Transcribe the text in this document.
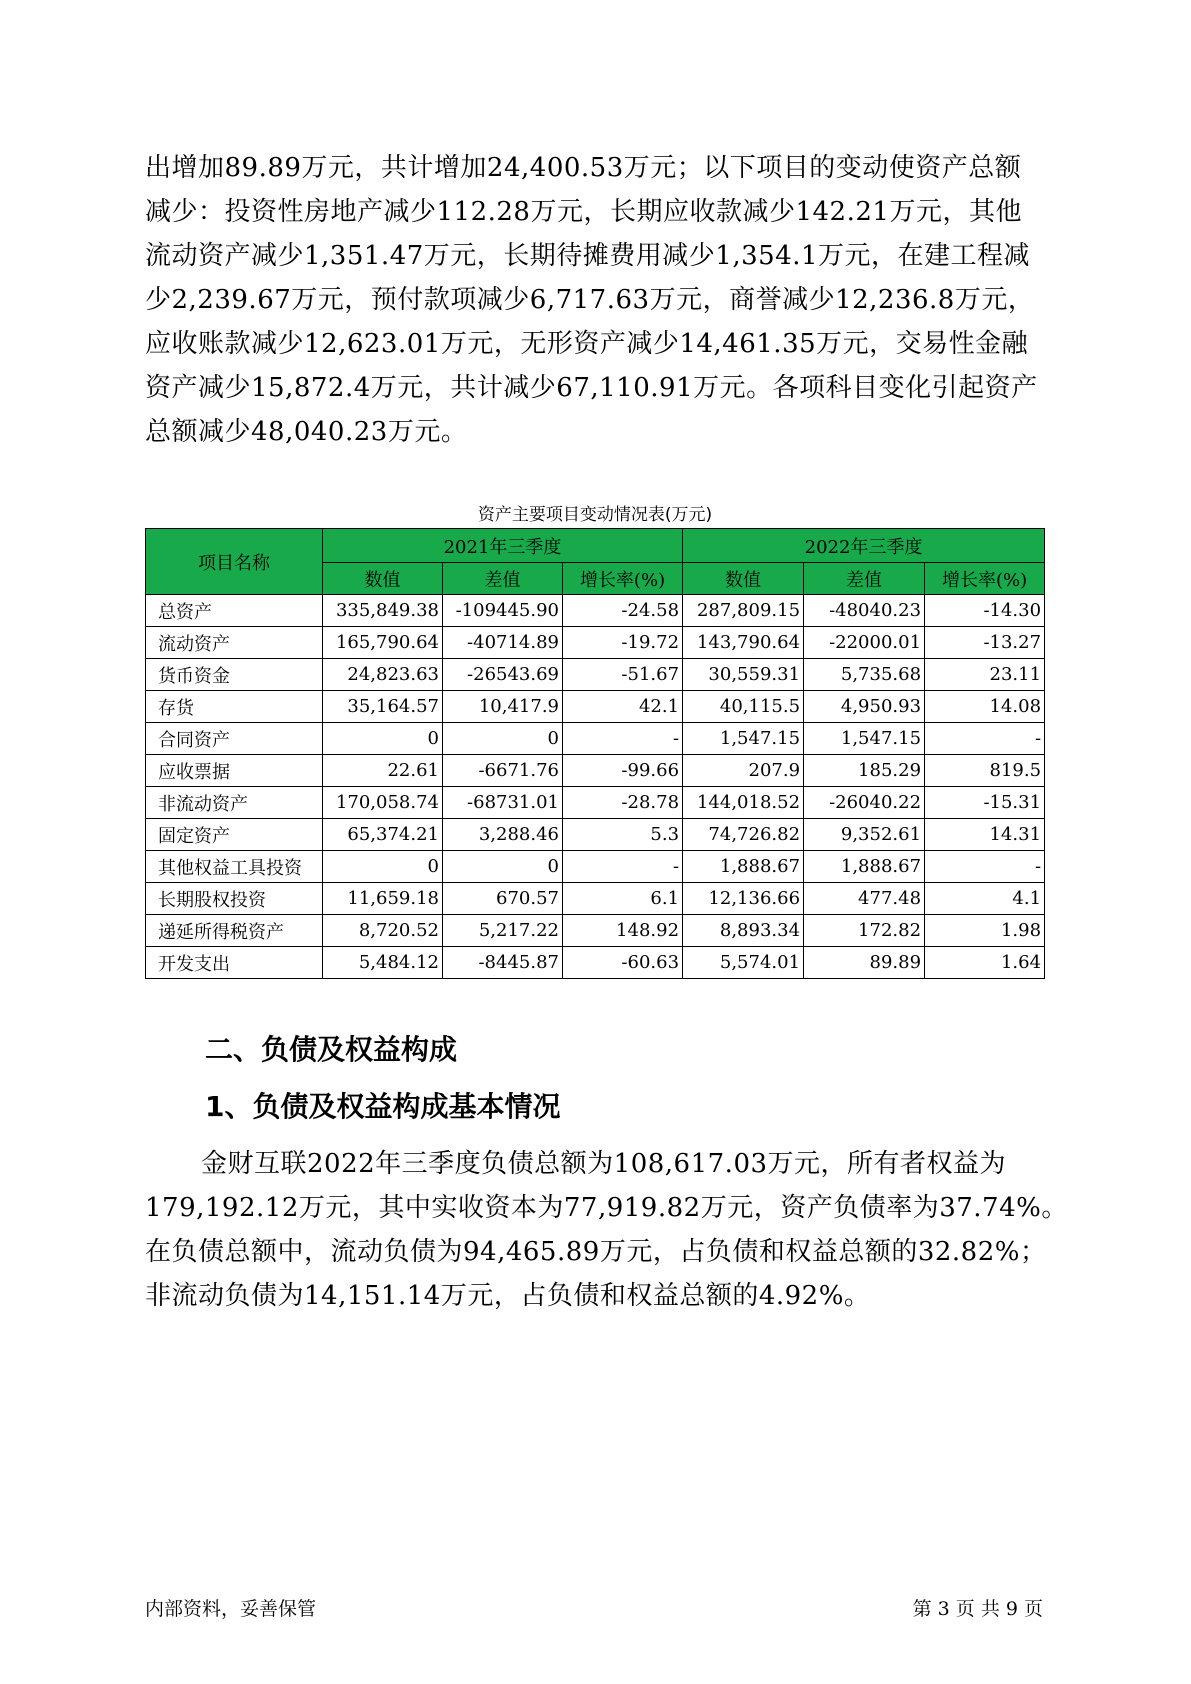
出增加89.89万元，共计增加24,400.53万元；以下项目的变动使资产总额
减少：投资性房地产减少112.28万元，长期应收款减少142.21万元，其他
流动资产减少1,351.47万元，长期待摊费用减少1,354.1万元，在建工程减
少2,239.67万元，预付款项减少6,717.63万元，商誉减少12,236.8万元，
应收账款减少12,623.01万元，无形资产减少14,461.35万元，交易性金融
资产减少15,872.4万元，共计减少67,110.91万元。各项科目变化引起资产
总额减少48,040.23万元。
资产主要项目变动情况表(万元)
项目名称	2021年三季度			2022年三季度		
	数值	差值	增长率(%)	数值	差值	增长率(%)
总资产	335,849.38	-109445.90	-24.58	287,809.15	-48040.23	-14.30
流动资产	165,790.64	-40714.89	-19.72	143,790.64	-22000.01	-13.27
货币资金	24,823.63	-26543.69	-51.67	30,559.31	5,735.68	23.11
存货	35,164.57	10,417.9	42.1	40,115.5	4,950.93	14.08
合同资产	0	0	-	1,547.15	1,547.15	-
应收票据	22.61	-6671.76	-99.66	207.9	185.29	819.5
非流动资产	170,058.74	-68731.01	-28.78	144,018.52	-26040.22	-15.31
固定资产	65,374.21	3,288.46	5.3	74,726.82	9,352.61	14.31
其他权益工具投资	0	0	-	1,888.67	1,888.67	-
长期股权投资	11,659.18	670.57	6.1	12,136.66	477.48	4.1
递延所得税资产	8,720.52	5,217.22	148.92	8,893.34	172.82	1.98
开发支出	5,484.12	-8445.87	-60.63	5,574.01	89.89	1.64
二、负债及权益构成
1、负债及权益构成基本情况
金财互联2022年三季度负债总额为108,617.03万元，所有者权益为
179,192.12万元，其中实收资本为77,919.82万元，资产负债率为37.74%。
在负债总额中，流动负债为94,465.89万元，占负债和权益总额的32.82%；
非流动负债为14,151.14万元，占负债和权益总额的4.92%。
内部资料，妥善保管	第 3 页 共 9 页
